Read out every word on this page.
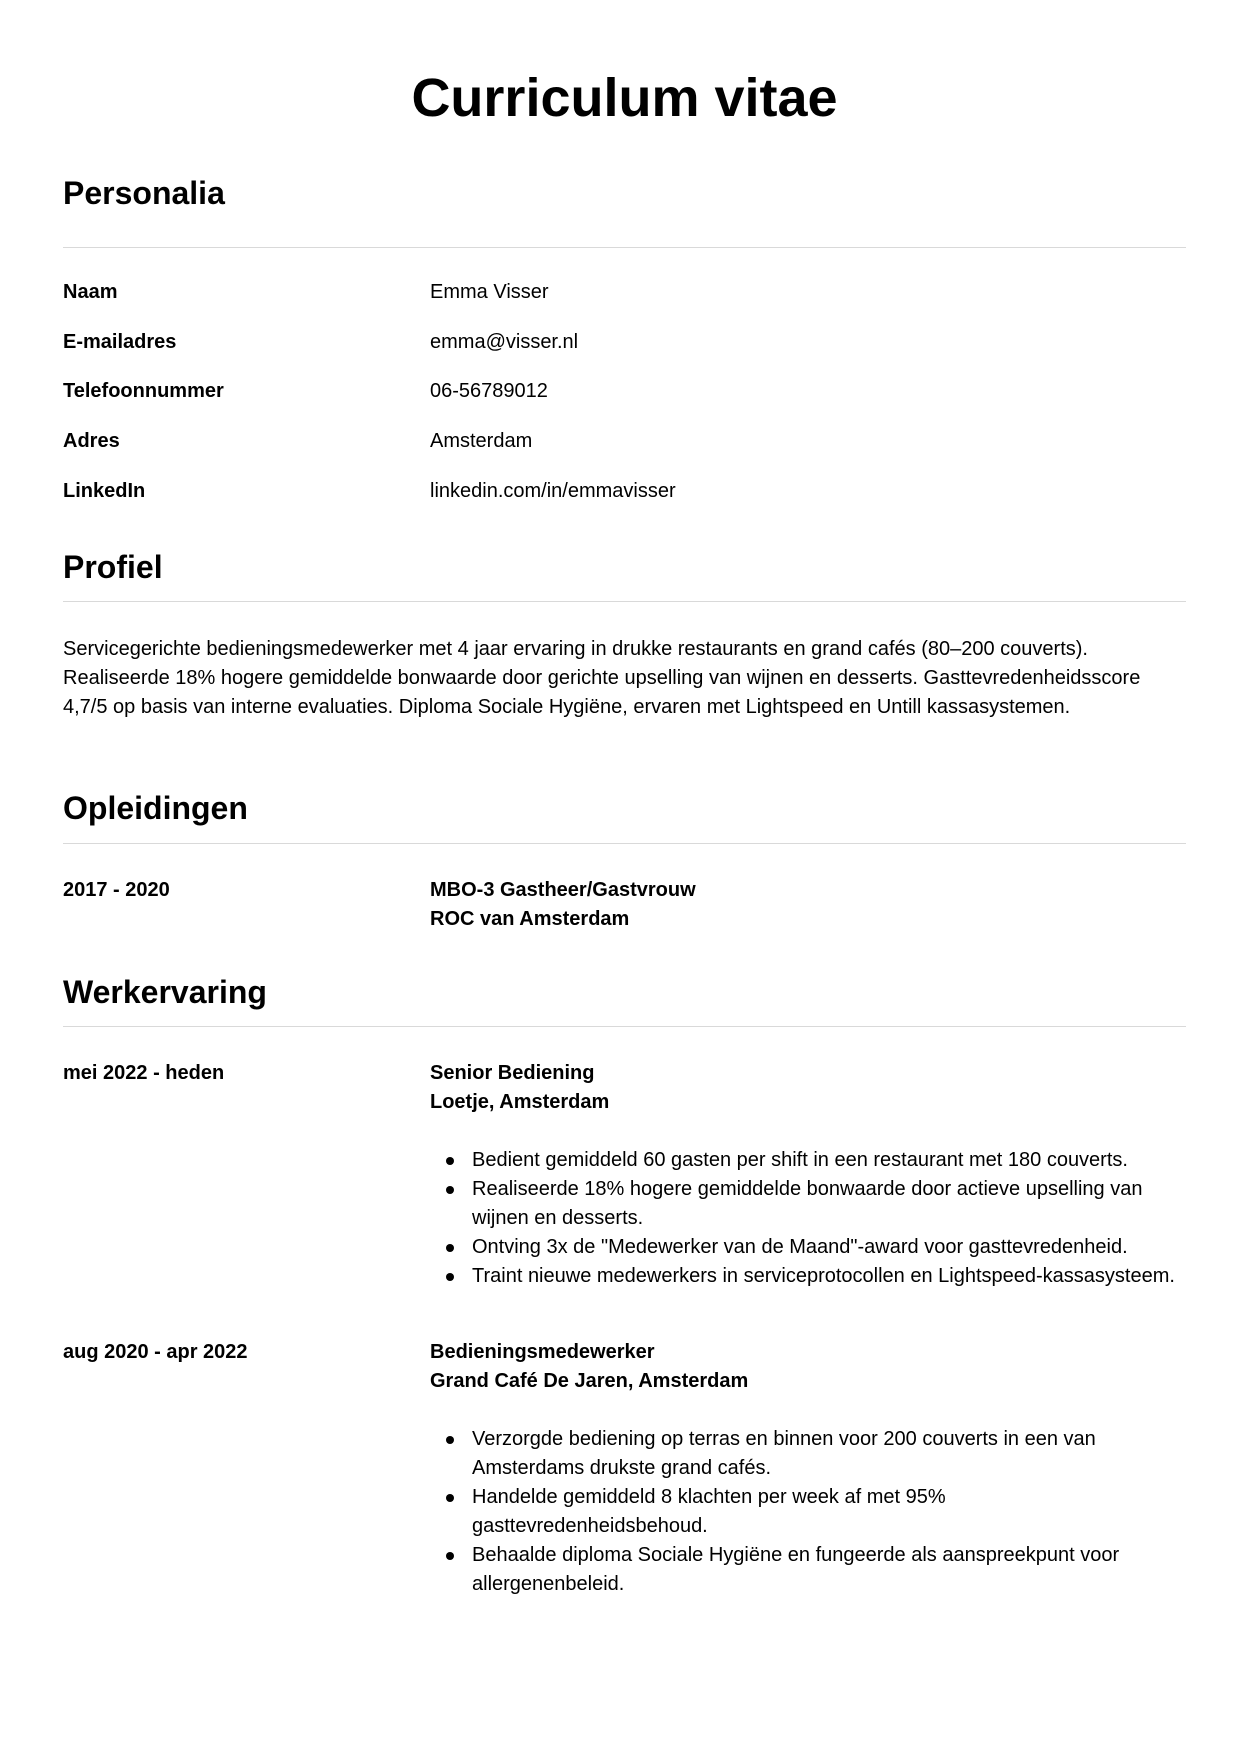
Curriculum vitae
Personalia
Naam	Emma Visser
E-mailadres	emma@visser.nl
Telefoonnummer	06-56789012
Adres	Amsterdam
LinkedIn	linkedin.com/in/emmavisser
Profiel

Servicegerichte bedieningsmedewerker met 4 jaar ervaring in drukke restaurants en grand cafés (80–200 couverts). Realiseerde 18% hogere gemiddelde bonwaarde door gerichte upselling van wijnen en desserts. Gasttevredenheidsscore 4,7/5 op basis van interne evaluaties. Diploma Sociale Hygiëne, ervaren met Lightspeed en Untill kassasystemen.

Opleidingen
2017 - 2020	MBO-3 Gastheer/Gastvrouw
ROC van Amsterdam
Werkervaring
mei 2022 - heden	Senior Bediening
Loetje, Amsterdam
Bedient gemiddeld 60 gasten per shift in een restaurant met 180 couverts.
Realiseerde 18% hogere gemiddelde bonwaarde door actieve upselling van wijnen en desserts.
Ontving 3x de "Medewerker van de Maand"-award voor gasttevredenheid.
Traint nieuwe medewerkers in serviceprotocollen en Lightspeed-kassasysteem.
aug 2020 - apr 2022	Bedieningsmedewerker
Grand Café De Jaren, Amsterdam
Verzorgde bediening op terras en binnen voor 200 couverts in een van Amsterdams drukste grand cafés.
Handelde gemiddeld 8 klachten per week af met 95% gasttevredenheidsbehoud.
Behaalde diploma Sociale Hygiëne en fungeerde als aanspreekpunt voor allergenenbeleid.
